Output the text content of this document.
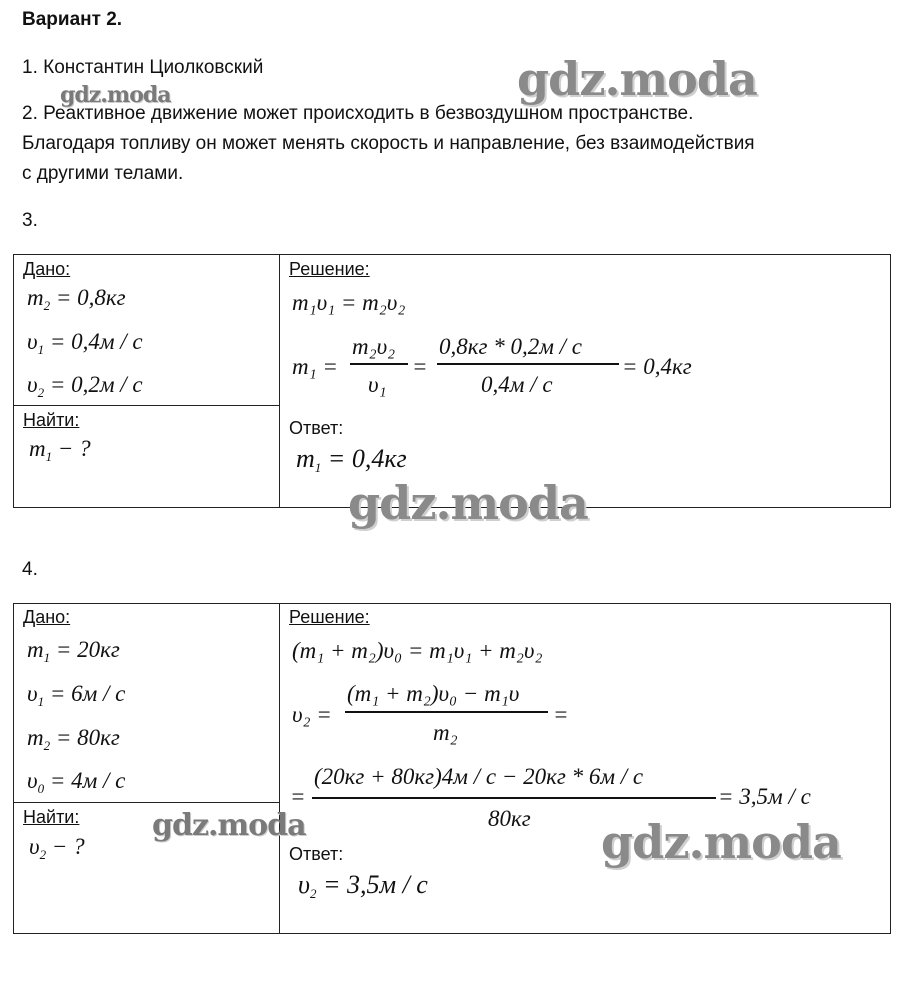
Вариант 2.
1. Константин Циолковский
2. Реактивное движение может происходить в безвоздушном пространстве.
Благодаря топливу он может менять скорость и направление, без взаимодействия
с другими телами.
3.
Дано:
$m_2 = 0,8кг$
$\upsilon_1 = 0,4м / с$
$\upsilon_2 = 0,2м / с$
Найти:
$m_1$ − ?
Решение:
m₁υ₁ = m₂υ₂
m₁ =
m₂υ₂
υ₁
=
0,8кг * 0,2м / с
0,4м / с
= 0,4кг
Ответ:
$m_1 = 0,4кг$
4.
Дано:
$m_1 = 20кг$
$\upsilon_1 = 6м / с$
$m_2 = 80кг$
$\upsilon_0 = 4м / с$
Найти:
$\upsilon_2$ − ?
Решение:
(m₁ + m₂)υ₀ = m₁υ₁ + m₂υ₂
υ₂ =
(m₁ + m₂)υ₀ − m₁υ
m₂
=
=
(20кг + 80кг)4м / с − 20кг * 6м / с
80кг
= 3,5м / с
Ответ:
$\upsilon_2 = 3,5м / с$
gdz.moda
gdz.moda
gdz.moda
gdz.moda	gdz.moda
